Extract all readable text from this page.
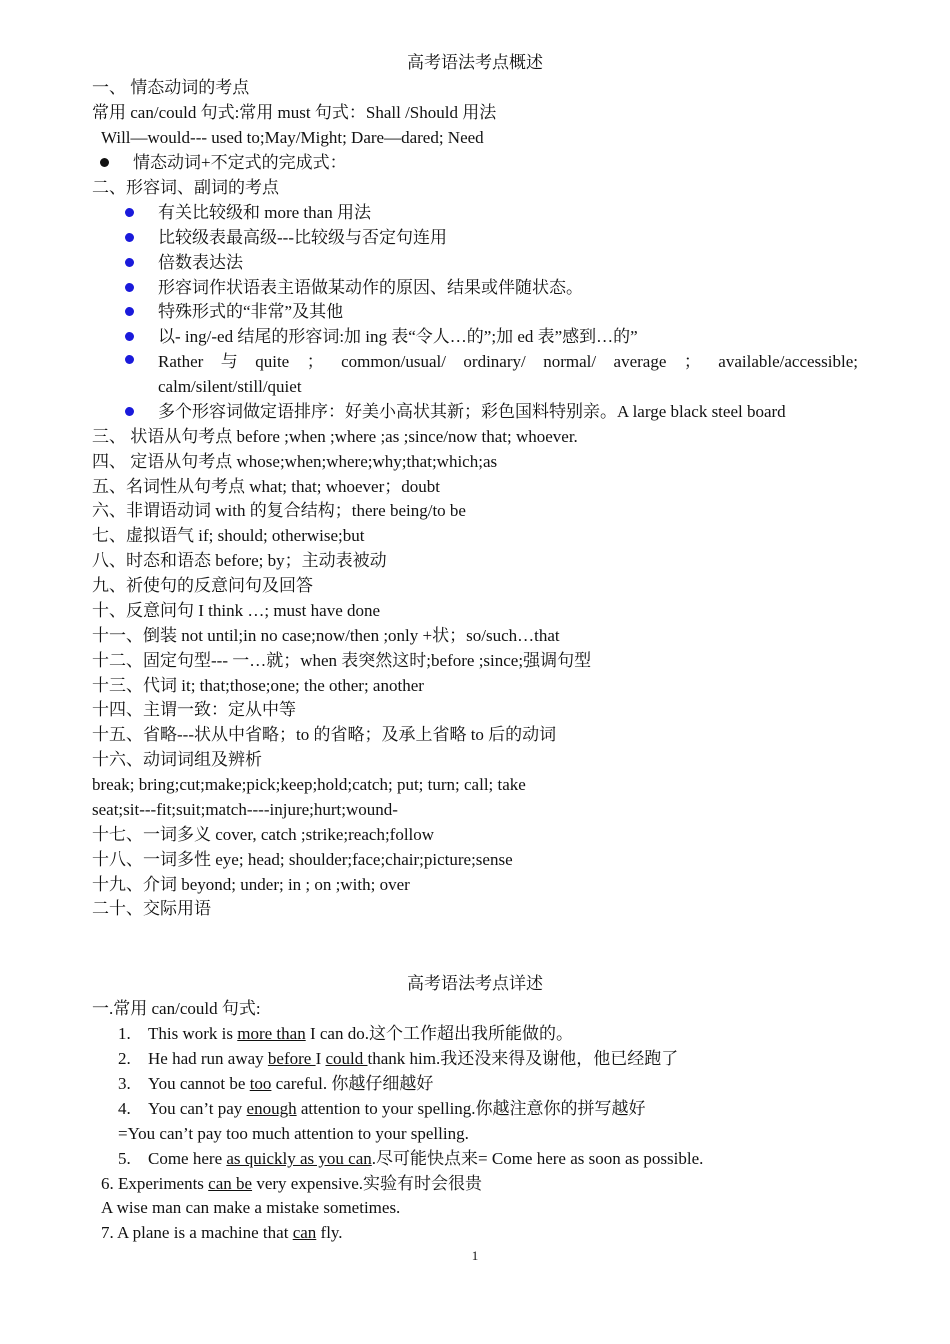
高考语法考点概述
一、 情态动词的考点
常用 can/could 句式:常用 must 句式：Shall /Should 用法
Will—would--- used to;May/Might; Dare—dared; Need
情态动词+不定式的完成式：
二、形容词、副词的考点
有关比较级和 more than 用法
比较级表最高级---比较级与否定句连用
倍数表达法
形容词作状语表主语做某动作的原因、结果或伴随状态。
特殊形式的“非常”及其他
以- ing/-ed 结尾的形容词:加 ing 表“令人…的”;加 ed 表”感到…的”
Rather 与 quite ； common/usual/ ordinary/ normal/ average ； available/accessible;
calm/silent/still/quiet
多个形容词做定语排序：好美小高状其新；彩色国料特别亲。A large black steel board
三、 状语从句考点 before ;when ;where ;as ;since/now that; whoever.
四、 定语从句考点 whose;when;where;why;that;which;as
五、名词性从句考点 what; that; whoever；doubt
六、非谓语动词 with 的复合结构；there being/to be
七、虚拟语气 if; should; otherwise;but
八、时态和语态 before; by；主动表被动
九、祈使句的反意问句及回答
十、反意问句 I think …; must have done
十一、倒装 not until;in no case;now/then ;only +状；so/such…that
十二、固定句型--- 一…就；when 表突然这时;before ;since;强调句型
十三、代词 it; that;those;one; the other; another
十四、主谓一致：定从中等
十五、省略---状从中省略；to 的省略；及承上省略 to 后的动词
十六、动词词组及辨析
break; bring;cut;make;pick;keep;hold;catch; put; turn; call; take
seat;sit---fit;suit;match----injure;hurt;wound-
十七、一词多义 cover, catch ;strike;reach;follow
十八、一词多性 eye; head; shoulder;face;chair;picture;sense
十九、介词 beyond; under; in ; on ;with; over
二十、交际用语
高考语法考点详述
一.常用 can/could 句式:
1. This work is more than I can do.这个工作超出我所能做的。
2. He had run away before I could thank him.我还没来得及谢他，他已经跑了
3. You cannot be too careful. 你越仔细越好
4. You can’t pay enough attention to your spelling.你越注意你的拼写越好
=You can’t pay too much attention to your spelling.
5. Come here as quickly as you can.尽可能快点来= Come here as soon as possible.
6. Experiments can be very expensive.实验有时会很贵
A wise man can make a mistake sometimes.
7. A plane is a machine that can fly.
1
